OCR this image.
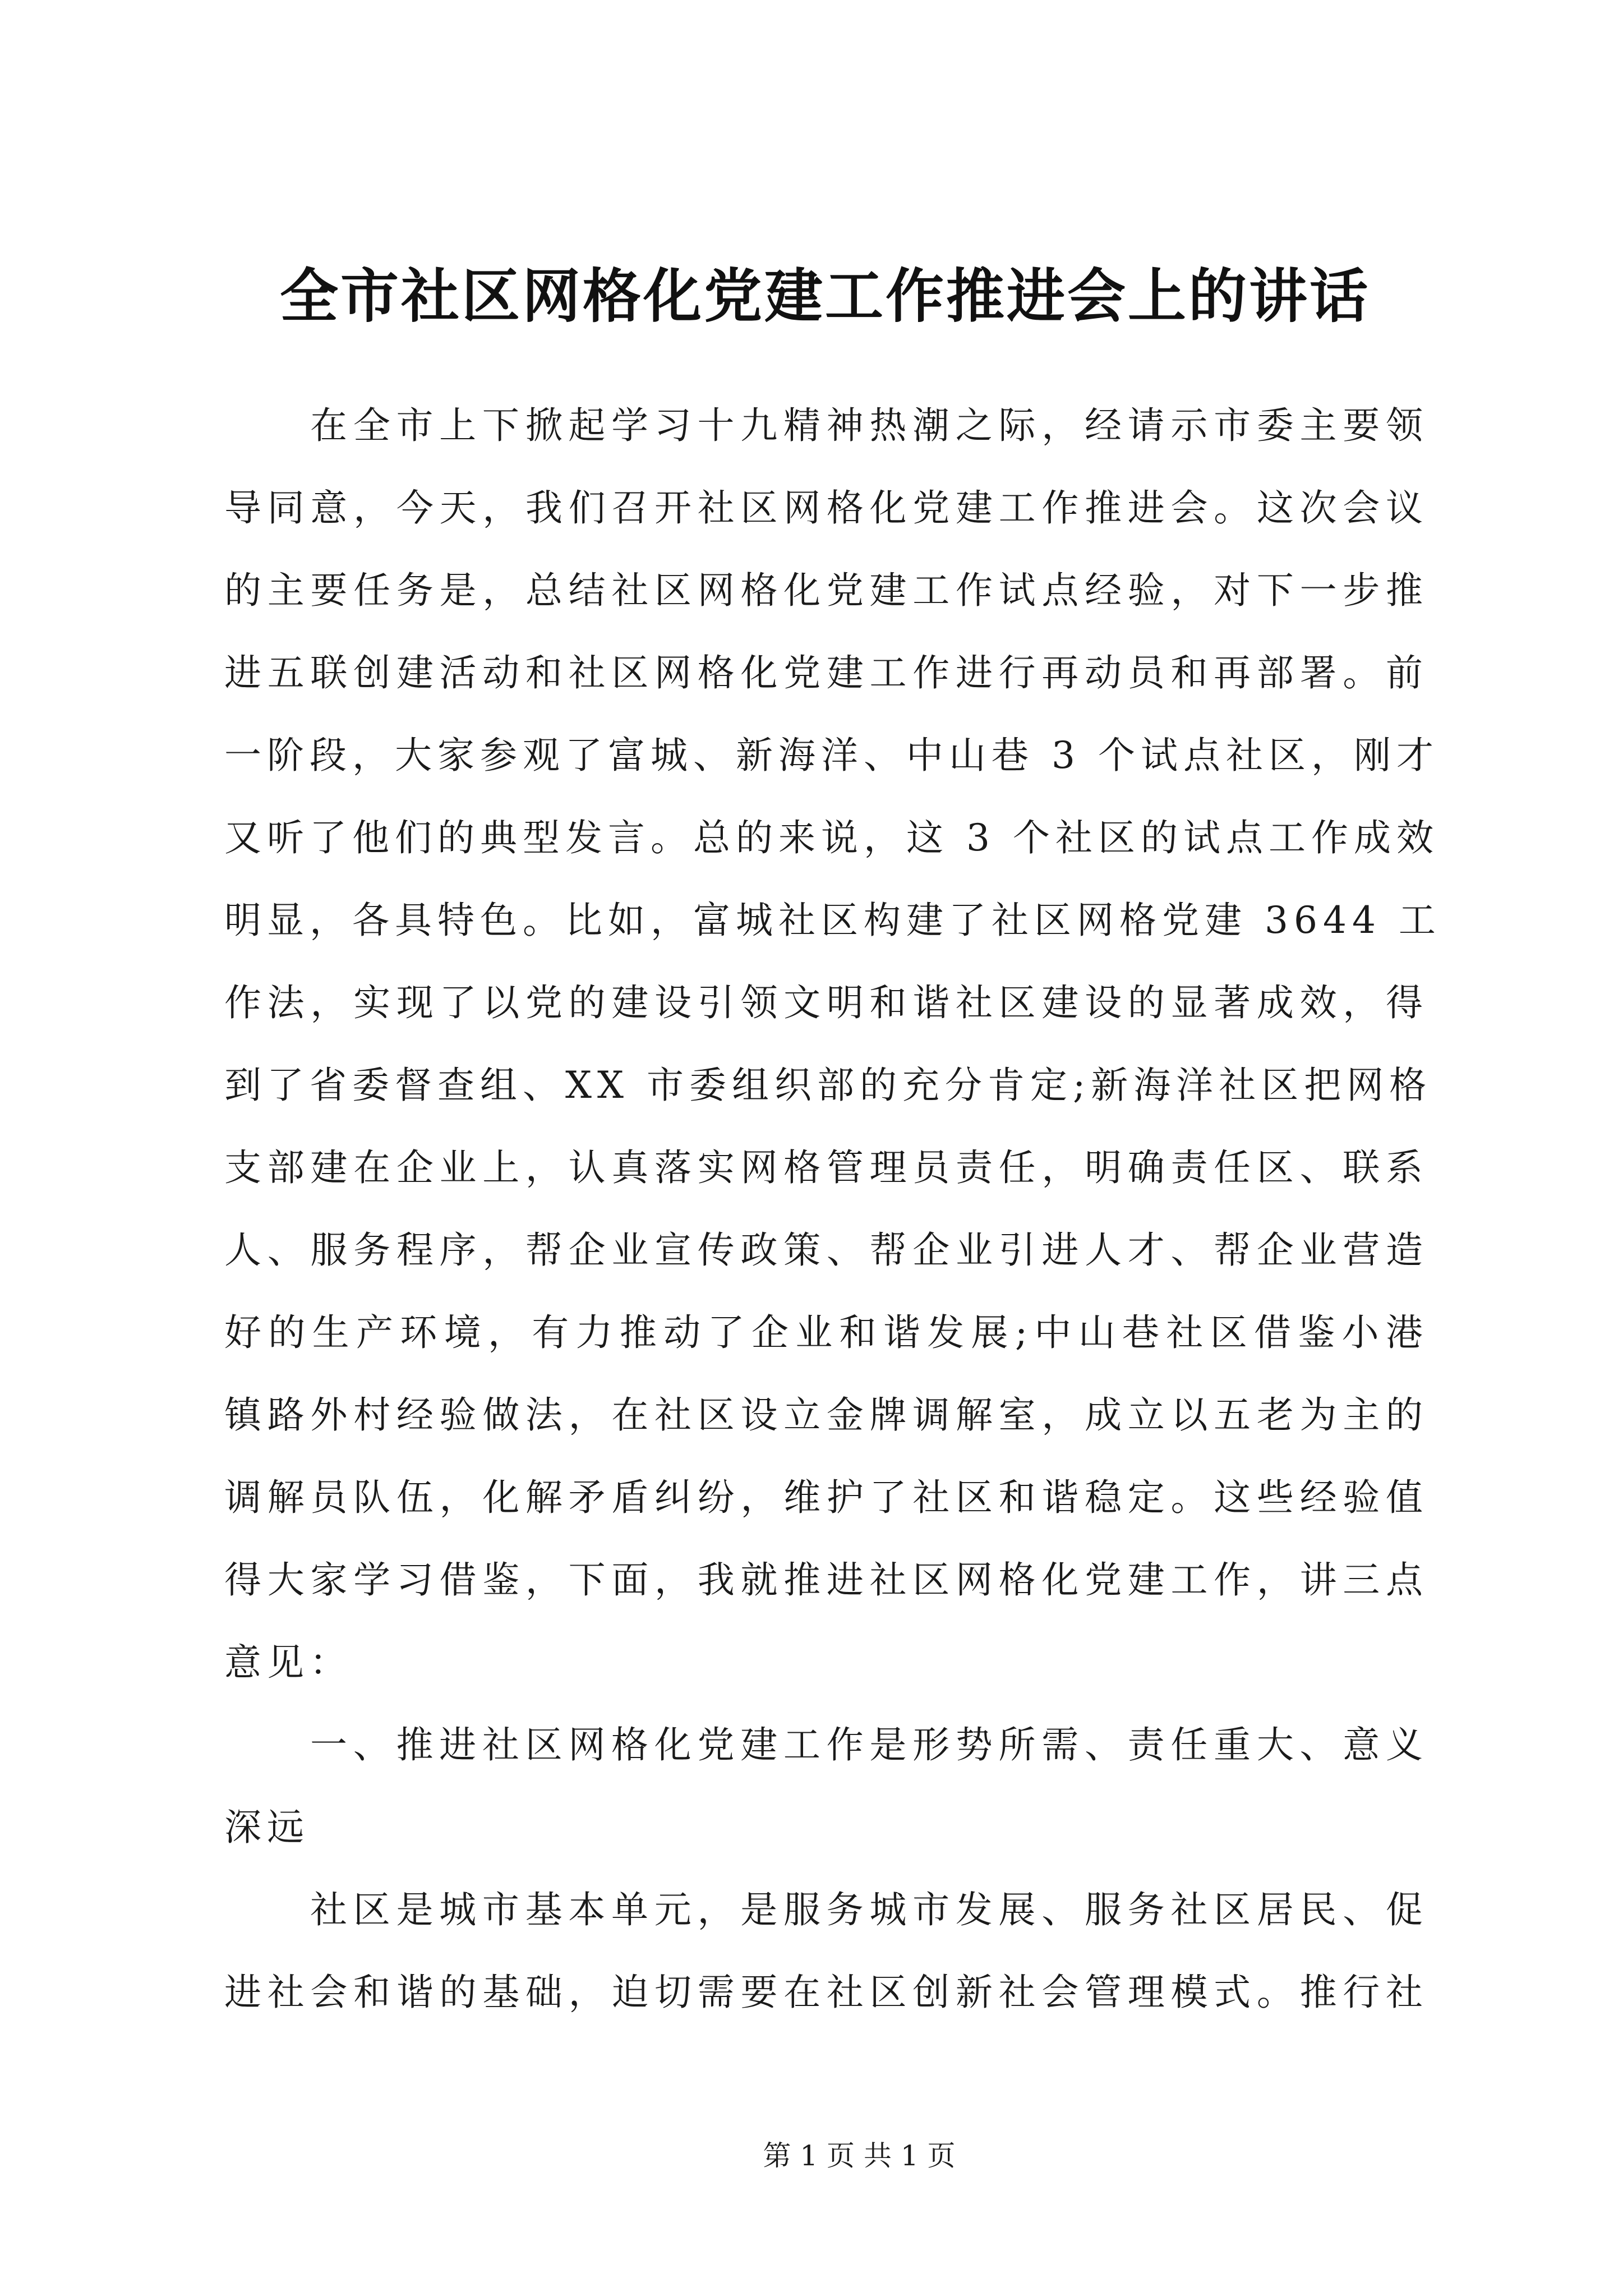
全市社区网格化党建工作推进会上的讲话
在全市上下掀起学习十九精神热潮之际，经请示市委主要领
导同意，今天，我们召开社区网格化党建工作推进会。这次会议
的主要任务是，总结社区网格化党建工作试点经验，对下一步推
进五联创建活动和社区网格化党建工作进行再动员和再部署。前
一阶段，大家参观了富城、新海洋、中山巷 3 个试点社区，刚才
又听了他们的典型发言。总的来说，这 3 个社区的试点工作成效
明显，各具特色。比如，富城社区构建了社区网格党建 3644 工
作法，实现了以党的建设引领文明和谐社区建设的显著成效，得
到了省委督查组、XX 市委组织部的充分肯定;新海洋社区把网格
支部建在企业上，认真落实网格管理员责任，明确责任区、联系
人、服务程序，帮企业宣传政策、帮企业引进人才、帮企业营造
好的生产环境，有力推动了企业和谐发展;中山巷社区借鉴小港
镇路外村经验做法，在社区设立金牌调解室，成立以五老为主的
调解员队伍，化解矛盾纠纷，维护了社区和谐稳定。这些经验值
得大家学习借鉴，下面，我就推进社区网格化党建工作，讲三点
意见：
一、推进社区网格化党建工作是形势所需、责任重大、意义
深远
社区是城市基本单元，是服务城市发展、服务社区居民、促
进社会和谐的基础，迫切需要在社区创新社会管理模式。推行社
第 1 页 共 1 页
